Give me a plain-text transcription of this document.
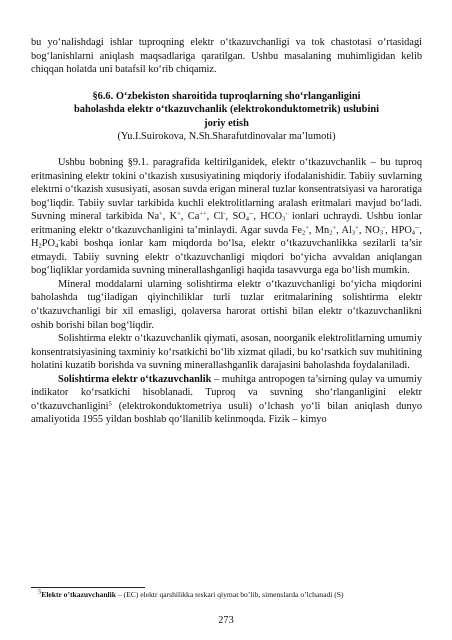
bu yo‘nalishdagi ishlar tuproqning elektr o‘tkazuvchanligi va tok chastotasi o‘rtasidagi bog‘lanishlarni aniqlash maqsadlariga qaratilgan. Ushbu masalaning muhimligidan kelib chiqqan holatda uni batafsil ko‘rib chiqamiz.

§6.6. O‘zbekiston sharoitida tuproqlarning sho‘rlanganligini
baholashda elektr o‘tkazuvchanlik (elektrokonduktometrik) uslubini
joriy etish

(Yu.I.Suirokova, N.Sh.Sharafutdinovalar ma’lumoti)

Ushbu bobning §9.1. paragrafida keltirilganidek, elektr o‘tkazuvchanlik – bu tuproq eritmasining elektr tokini o‘tkazish xususiyatining miqdoriy ifodalanishidir. Tabiiy suvlarning elektrni o‘tkazish xususiyati, asosan suvda erigan mineral tuzlar konsentratsiyasi va haroratiga bog‘liqdir. Tabiiy suvlar tarkibida kuchli elektrolitlarning aralash eritmalari mavjud bo‘ladi. Suvning mineral tarkibida Na+, K+, Ca++, Cl-, $SO_4^{--}$, $HCO_3^-$ ionlari uchraydi. Ushbu ionlar eritmaning elektr o‘tkazuvchanligini ta’minlaydi. Agar suvda $Fe_2^+$, $Mn_2^+$, $Al_3^+$, $NO_3^-$, $HPO_4^{--}$, $H_2PO_4^-kabi$ boshqa ionlar kam miqdorda bo‘lsa, elektr o‘tkazuvchanlikka sezilarli ta’sir etmaydi. Tabiiy suvning elektr o‘tkazuvchanligi miqdori bo‘yicha avvaldan aniqlangan bog‘liqliklar yordamida suvning minerallashganligi haqida tasavvurga ega bo‘lish mumkin.

Mineral moddalarni ularning solishtirma elektr o‘tkazuvchanligi bo‘yicha miqdorini baholashda tug‘iladigan qiyinchiliklar turli tuzlar eritmalarining solishtirma elektr o‘tkazuvchanligi bir xil emasligi, qolaversa harorat ortishi bilan elektr o‘tkazuvchanlikni oshib borishi bilan bog‘liqdir.

Solishtirma elektr o‘tkazuvchanlik qiymati, asosan, noorganik elektrolitlarning umumiy konsentratsiyasining taxminiy ko‘rsatkichi bo‘lib xizmat qiladi, bu ko‘rsatkich suv muhitining holatini kuzatib borishda va suvning minerallashganlik darajasini baholashda foydalaniladi.

Solishtirma elektr o‘tkazuvchanlik – muhitga antropogen ta’sirning qulay va umumiy indikator ko‘rsatkichi hisoblanadi. Tuproq va suvning sho‘rlanganligini elektr o‘tkazuvchanligini$^5$ (elektrokonduktometriya usuli) o‘lchash yo‘li bilan aniqlash dunyo amaliyotida 1955 yildan boshlab qo‘llanilib kelinmoqda. Fizik – kimyo

$^5$Elektr o’tkazuvchanlik – (EC) elektr qarshilikka teskari qiymat bo’lib, simenslarda o’lchanadi (S)
273
